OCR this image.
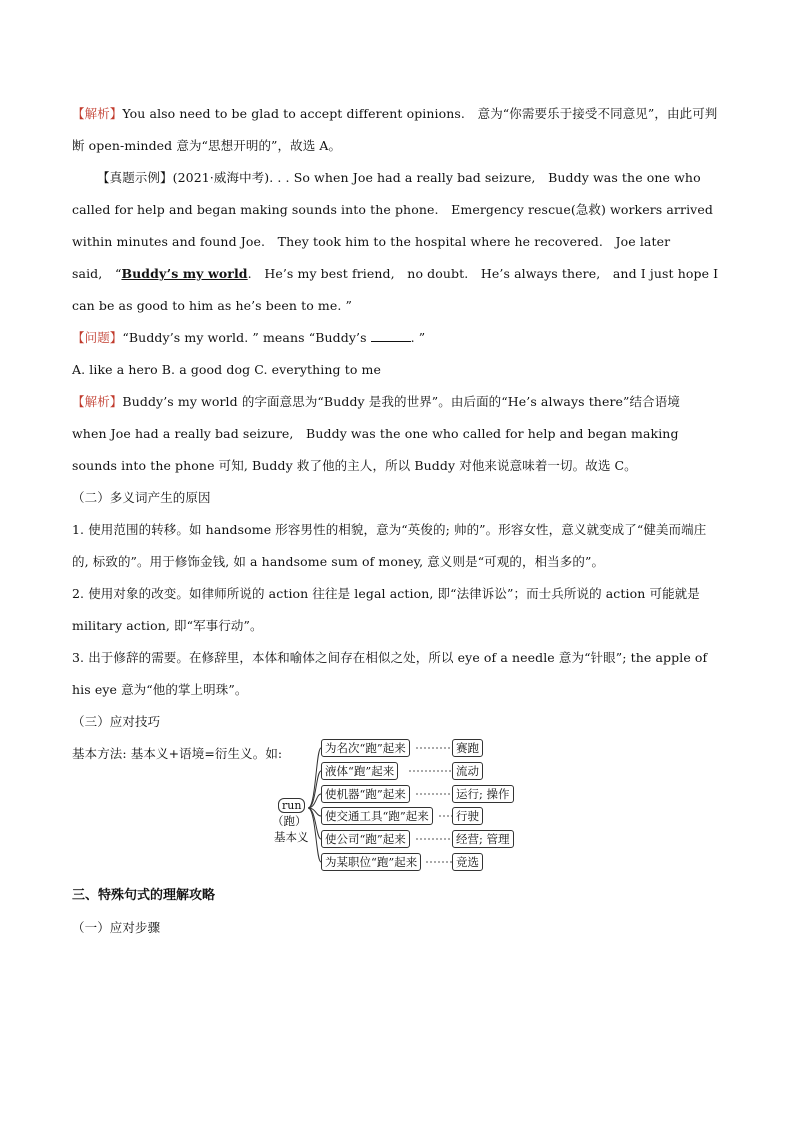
【解析】You also need to be glad to accept different opinions.　意为“你需要乐于接受不同意见”，由此可判断 open-minded 意为“思想开明的”，故选 A。

【真题示例】(2021·威海中考). . . So when Joe had a really bad seizure,　Buddy was the one who called for help and began making sounds into the phone.　Emergency rescue(急救) workers arrived within minutes and found Joe.　They took him to the hospital where he recovered.　Joe later said,　“Buddy’s my world.　He’s my best friend,　no doubt.　He’s always there,　and I just hope I can be as good to him as he’s been to me. ”

【问题】“Buddy’s my world. ” means “Buddy’s	. ”

A. like a hero B. a good dog C. everything to me

【解析】Buddy’s my world 的字面意思为“Buddy 是我的世界”。由后面的“He’s always there”结合语境　when Joe had a really bad seizure,　Buddy was the one who called for help and began making sounds into the phone 可知, Buddy 救了他的主人，所以 Buddy 对他来说意味着一切。故选 C。

（二）多义词产生的原因

1. 使用范围的转移。如 handsome 形容男性的相貌，意为“英俊的; 帅的”。形容女性，意义就变成了“健美而端庄的, 标致的”。用于修饰金钱, 如 a handsome sum of money, 意义则是“可观的，相当多的”。

2. 使用对象的改变。如律师所说的 action 往往是 legal action, 即“法律诉讼”；而士兵所说的 action 可能就是 military action, 即“军事行动”。

3. 出于修辞的需要。在修辞里，本体和喻体之间存在相似之处，所以 eye of a needle 意为“针眼”; the apple of his eye 意为“他的掌上明珠”。

（三）应对技巧

基本方法: 基本义+语境=衍生义。如:

run
（跑）
基本义
为名次“跑”起来
液体“跑”起来
使机器“跑”起来
使交通工具“跑”起来
使公司“跑”起来
为某职位“跑”起来
赛跑
流动
运行; 操作
行驶
经营; 管理
竞选

三、特殊句式的理解攻略

（一）应对步骤
